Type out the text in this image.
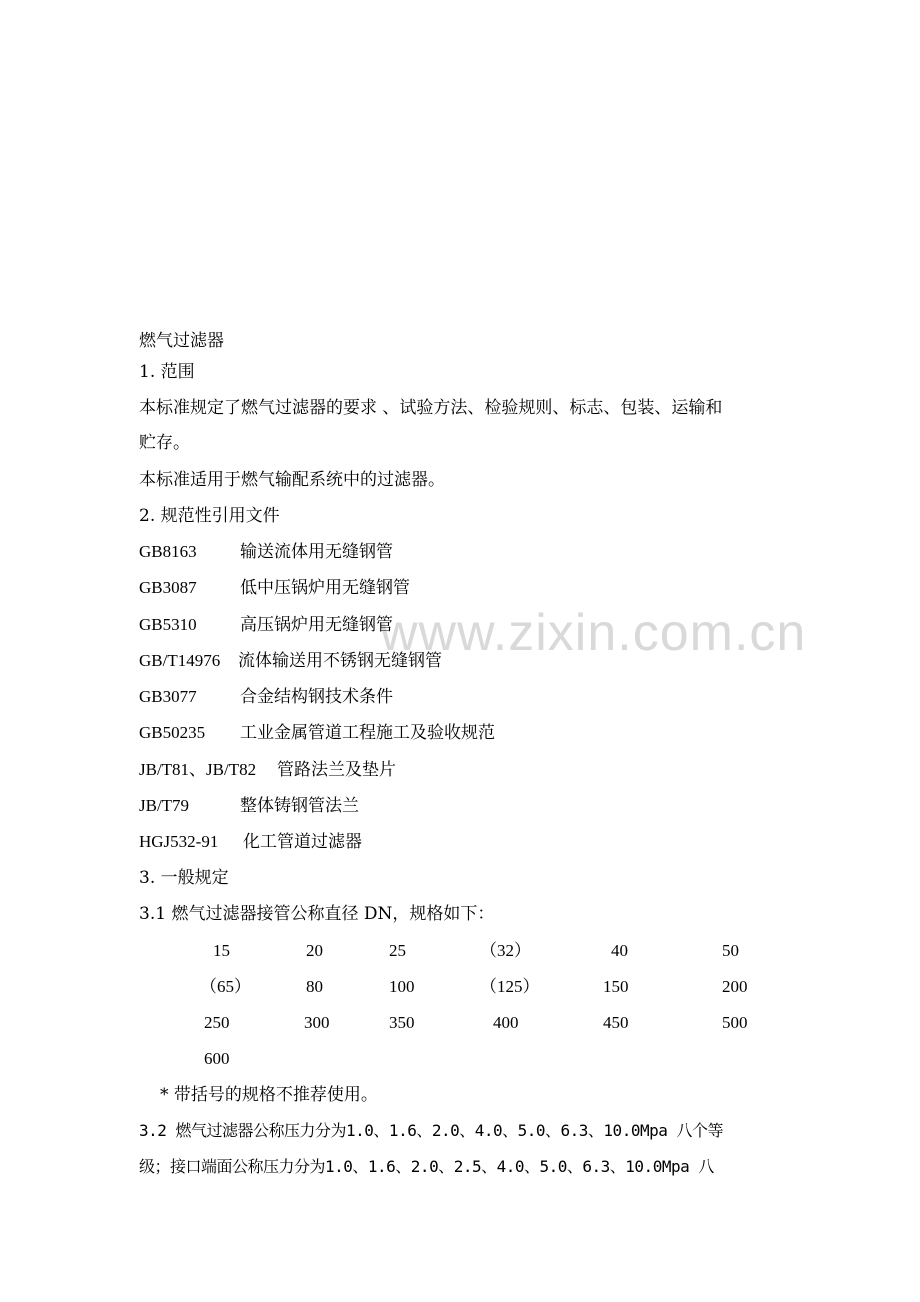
www.zixin.com.cn
燃气过滤器
1. 范围
本标准规定了燃气过滤器的要求 、试验方法、检验规则、标志、包装、运输和
贮存。
本标准适用于燃气输配系统中的过滤器。
2. 规范性引用文件
GB8163	输送流体用无缝钢管
GB3087	低中压锅炉用无缝钢管
GB5310	高压锅炉用无缝钢管
GB/T14976 流体输送用不锈钢无缝钢管
GB3077	合金结构钢技术条件
GB50235 工业金属管道工程施工及验收规范
JB/T81、JB/T82 管路法兰及垫片
JB/T79	整体铸钢管法兰
HGJ532-91 化工管道过滤器
3. 一般规定
3.1 燃气过滤器接管公称直径 DN，规格如下：
15	20	25	（32）	40	50
（65）	80	100	（125）	150	200
250	300	350	400	450	500
600
* 带括号的规格不推荐使用。
3.2 燃气过滤器公称压力分为1.0、1.6、2.0、4.0、5.0、6.3、10.0Mpa 八个等
级；接口端面公称压力分为1.0、1.6、2.0、2.5、4.0、5.0、6.3、10.0Mpa 八
